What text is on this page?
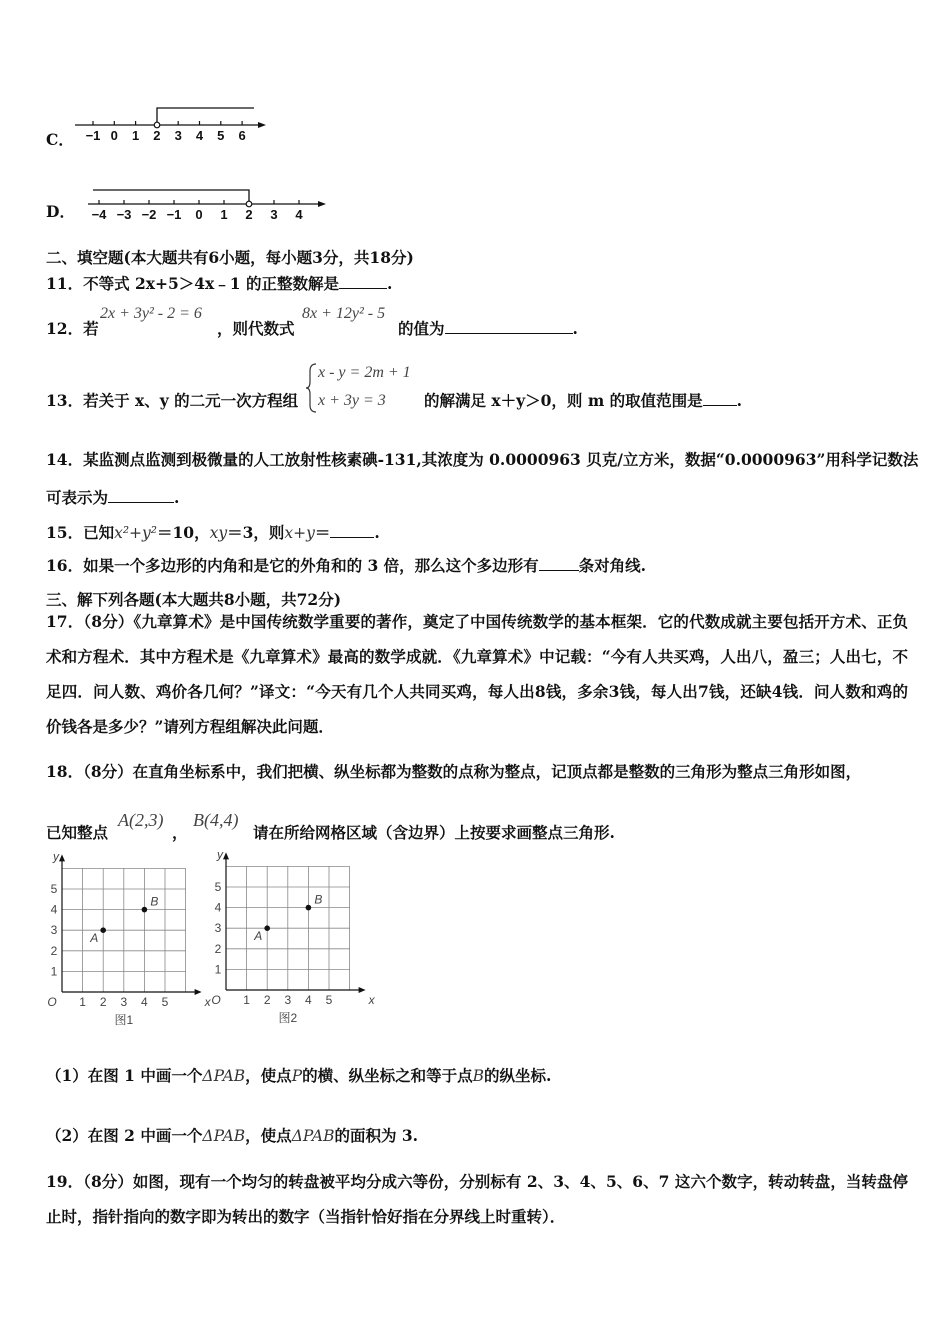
C． −1 0 1 2 3 4 5 6
D． −4 −3 −2 −1 0 1 2 3 4
二、填空题(本大题共有6小题，每小题3分，共18分)
11．不等式 2x+5＞4x﹣1 的正整数解是	.
12．若
2x + 3y² - 2 = 6
，则代数式
8x + 12y² - 5
的值为	.
13．若关于 x、y 的二元一次方程组
x - y = 2m + 1
x + 3y = 3 的解满足 x＋y＞0，则 m 的取值范围是 .
14．某监测点监测到极微量的人工放射性核素碘-131,其浓度为 0.0000963 贝克/立方米，数据“0.0000963”用科学记数法
可表示为	.
15．已知x²+y²＝10，xy＝3，则x+y＝	.
16．如果一个多边形的内角和是它的外角和的 3 倍，那么这个多边形有	条对角线.
三、解下列各题(本大题共8小题，共72分)
17．（8分）《九章算术》是中国传统数学重要的著作，奠定了中国传统数学的基本框架．它的代数成就主要包括开方术、正负术和方程术．其中方程术是《九章算术》最高的数学成就．《九章算术》中记载：“今有人共买鸡，人出八，盈三；人出七，不足四．问人数、鸡价各几何？”译文：“今天有几个人共同买鸡，每人出8钱，多余3钱，每人出7钱，还缺4钱．问人数和鸡的价钱各是多少？”请列方程组解决此问题．
18．（8分）在直角坐标系中，我们把横、纵坐标都为整数的点称为整点，记顶点都是整数的三角形为整点三角形如图，
已知整点
A(2,3)
，
B(4,4)
请在所给网格区域（含边界）上按要求画整点三角形.
1 2 3 4 5
1
2
3
4
5
O	x
y
A
B
图1
1 2 3 4 5
1
2
3
4
5
O	x
y
A
B
图2
（1）在图 1 中画一个ΔPAB，使点P的横、纵坐标之和等于点B的纵坐标.
（2）在图 2 中画一个ΔPAB，使点ΔPAB的面积为 3.
19．（8分）如图，现有一个均匀的转盘被平均分成六等份，分别标有 2、3、4、5、6、7 这六个数字，转动转盘，当转盘停止时，指针指向的数字即为转出的数字（当指针恰好指在分界线上时重转）．
